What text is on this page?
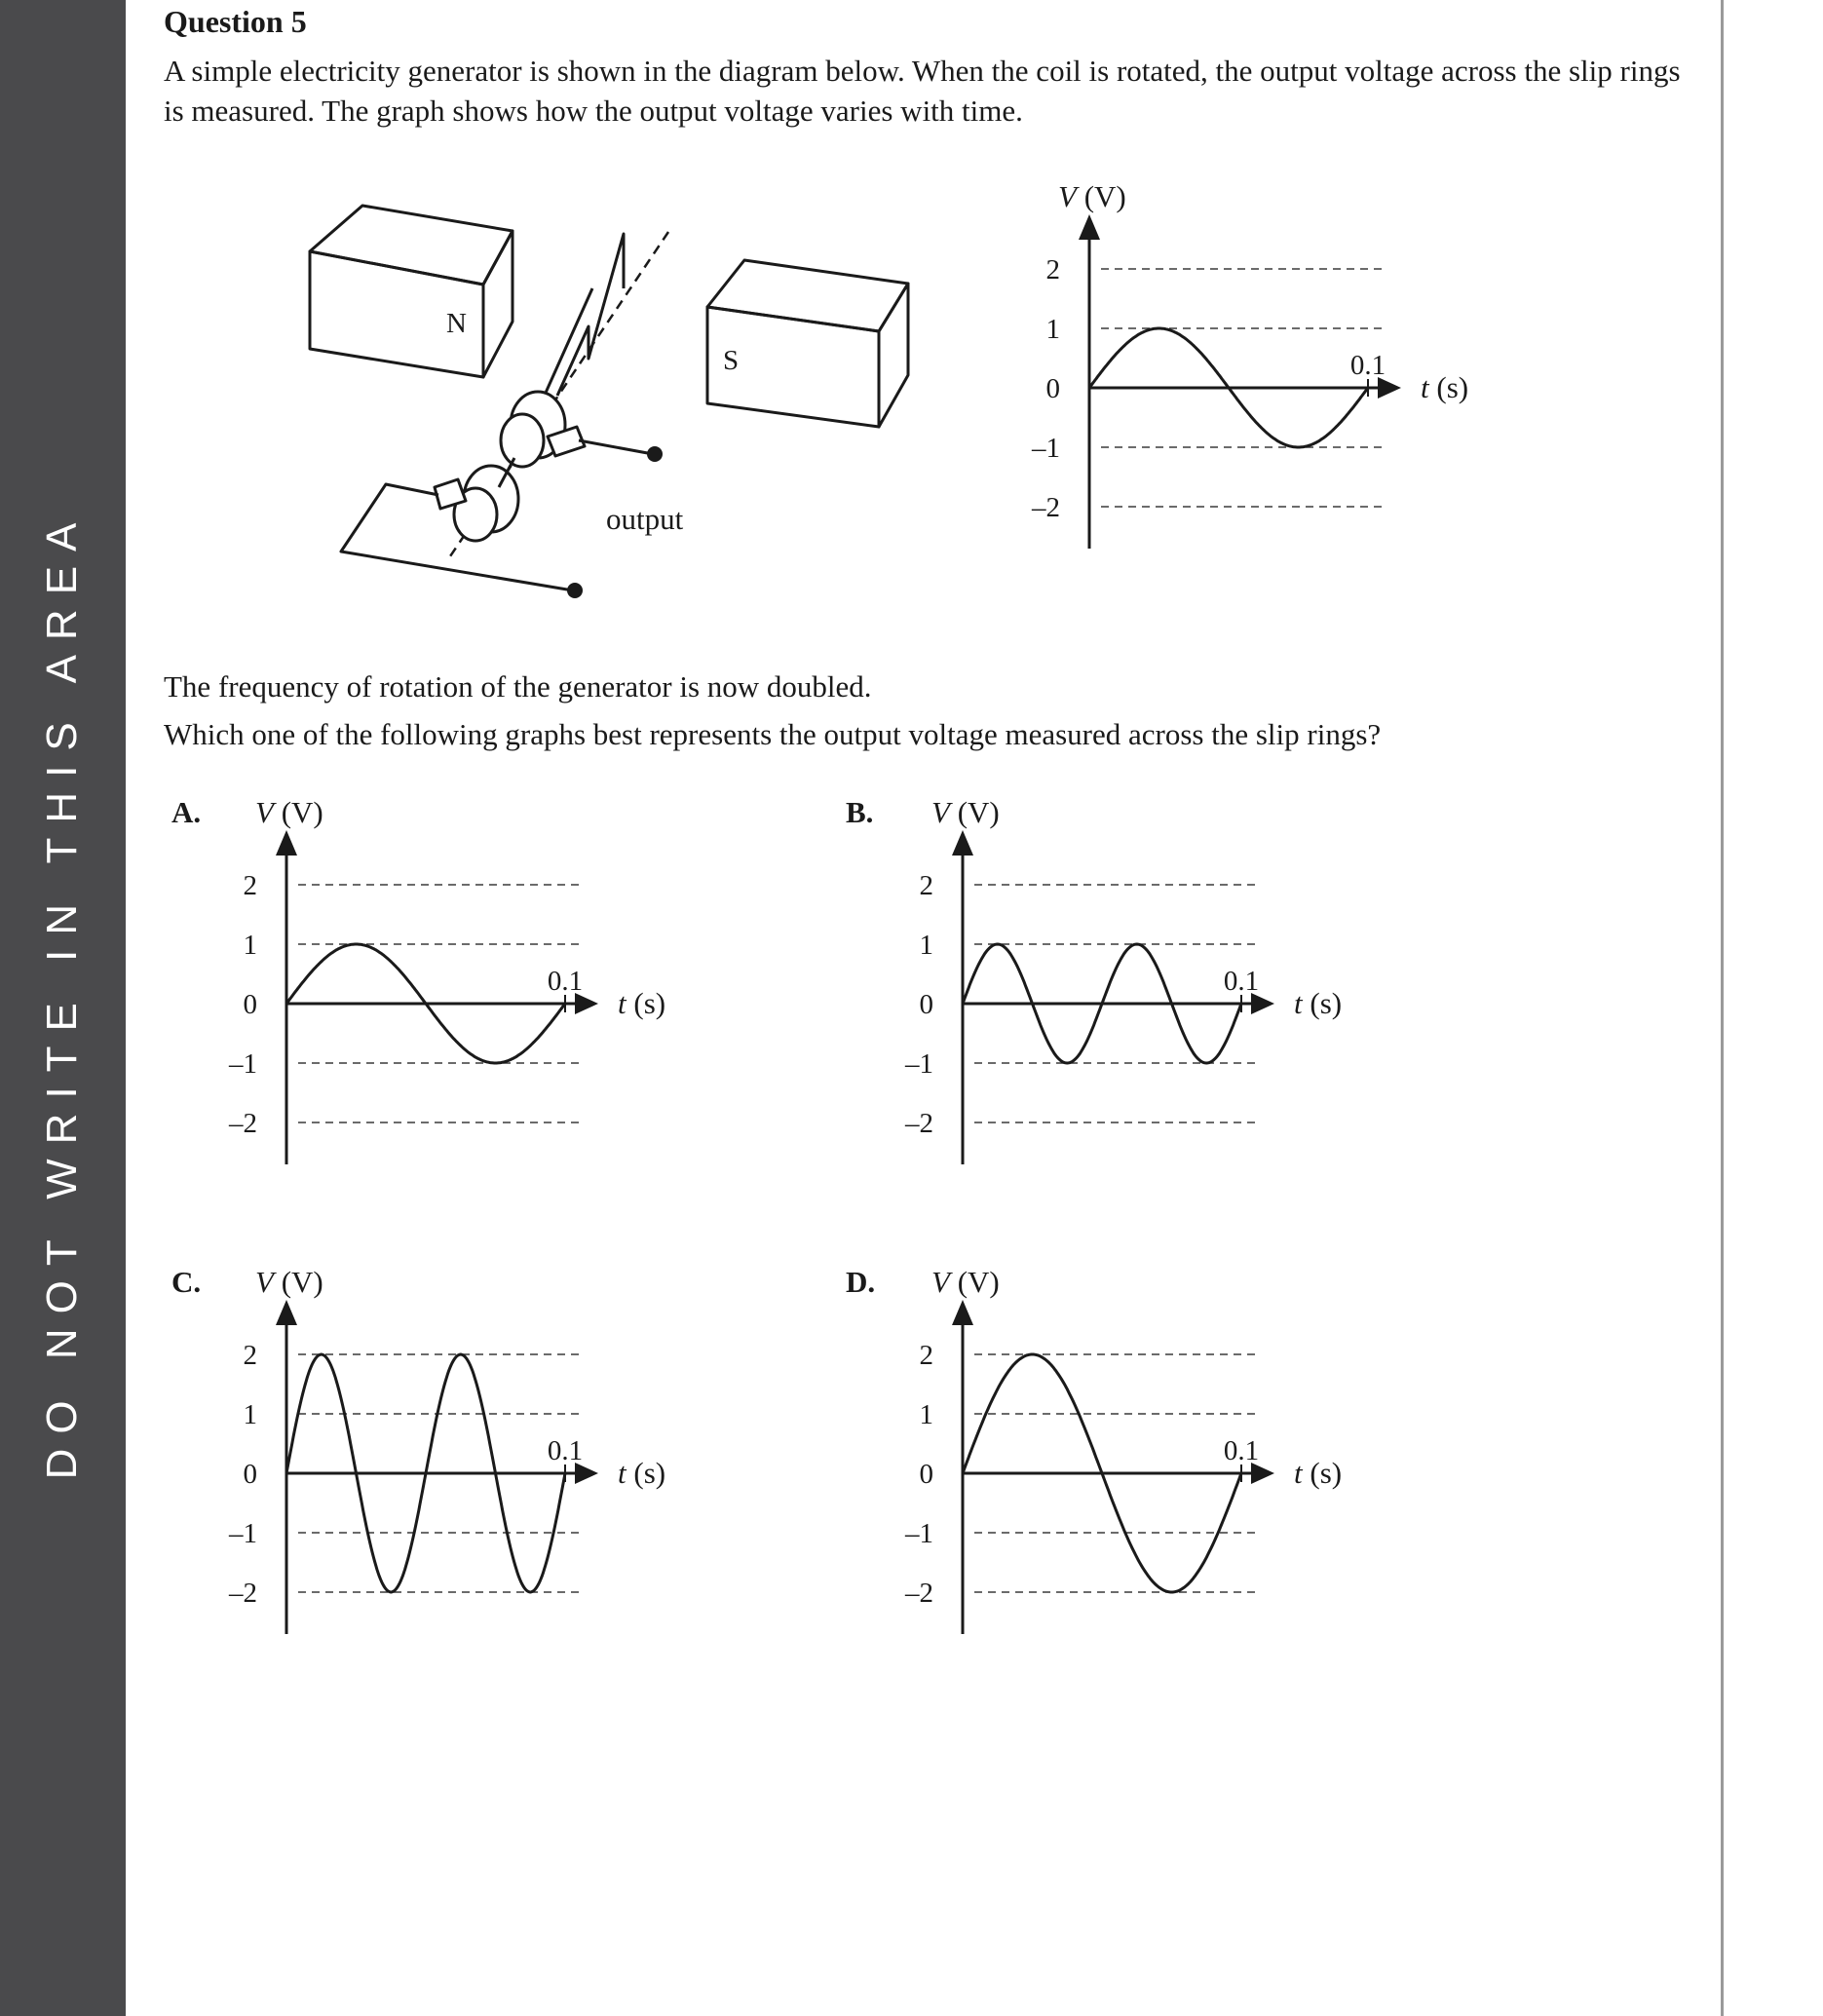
DO NOT WRITE IN THIS AREA
Question 5
A simple electricity generator is shown in the diagram below. When the coil is rotated, the output voltage across the slip rings is measured. The graph shows how the output voltage varies with time.
The frequency of rotation of the generator is now doubled.
Which one of the following graphs best represents the output voltage measured across the slip rings?
N
S
output
0.1
2
1
0
–1
–2
V (V)
t (s)
0.1
2
1
0
–1
–2
V (V)
t (s)
A.
0.1
2
1
0
–1
–2
V (V)
t (s)
B.
0.1
2
1
0
–1
–2
V (V)
t (s)
C.
0.1
2
1
0
–1
–2
V (V)
t (s)
D.
